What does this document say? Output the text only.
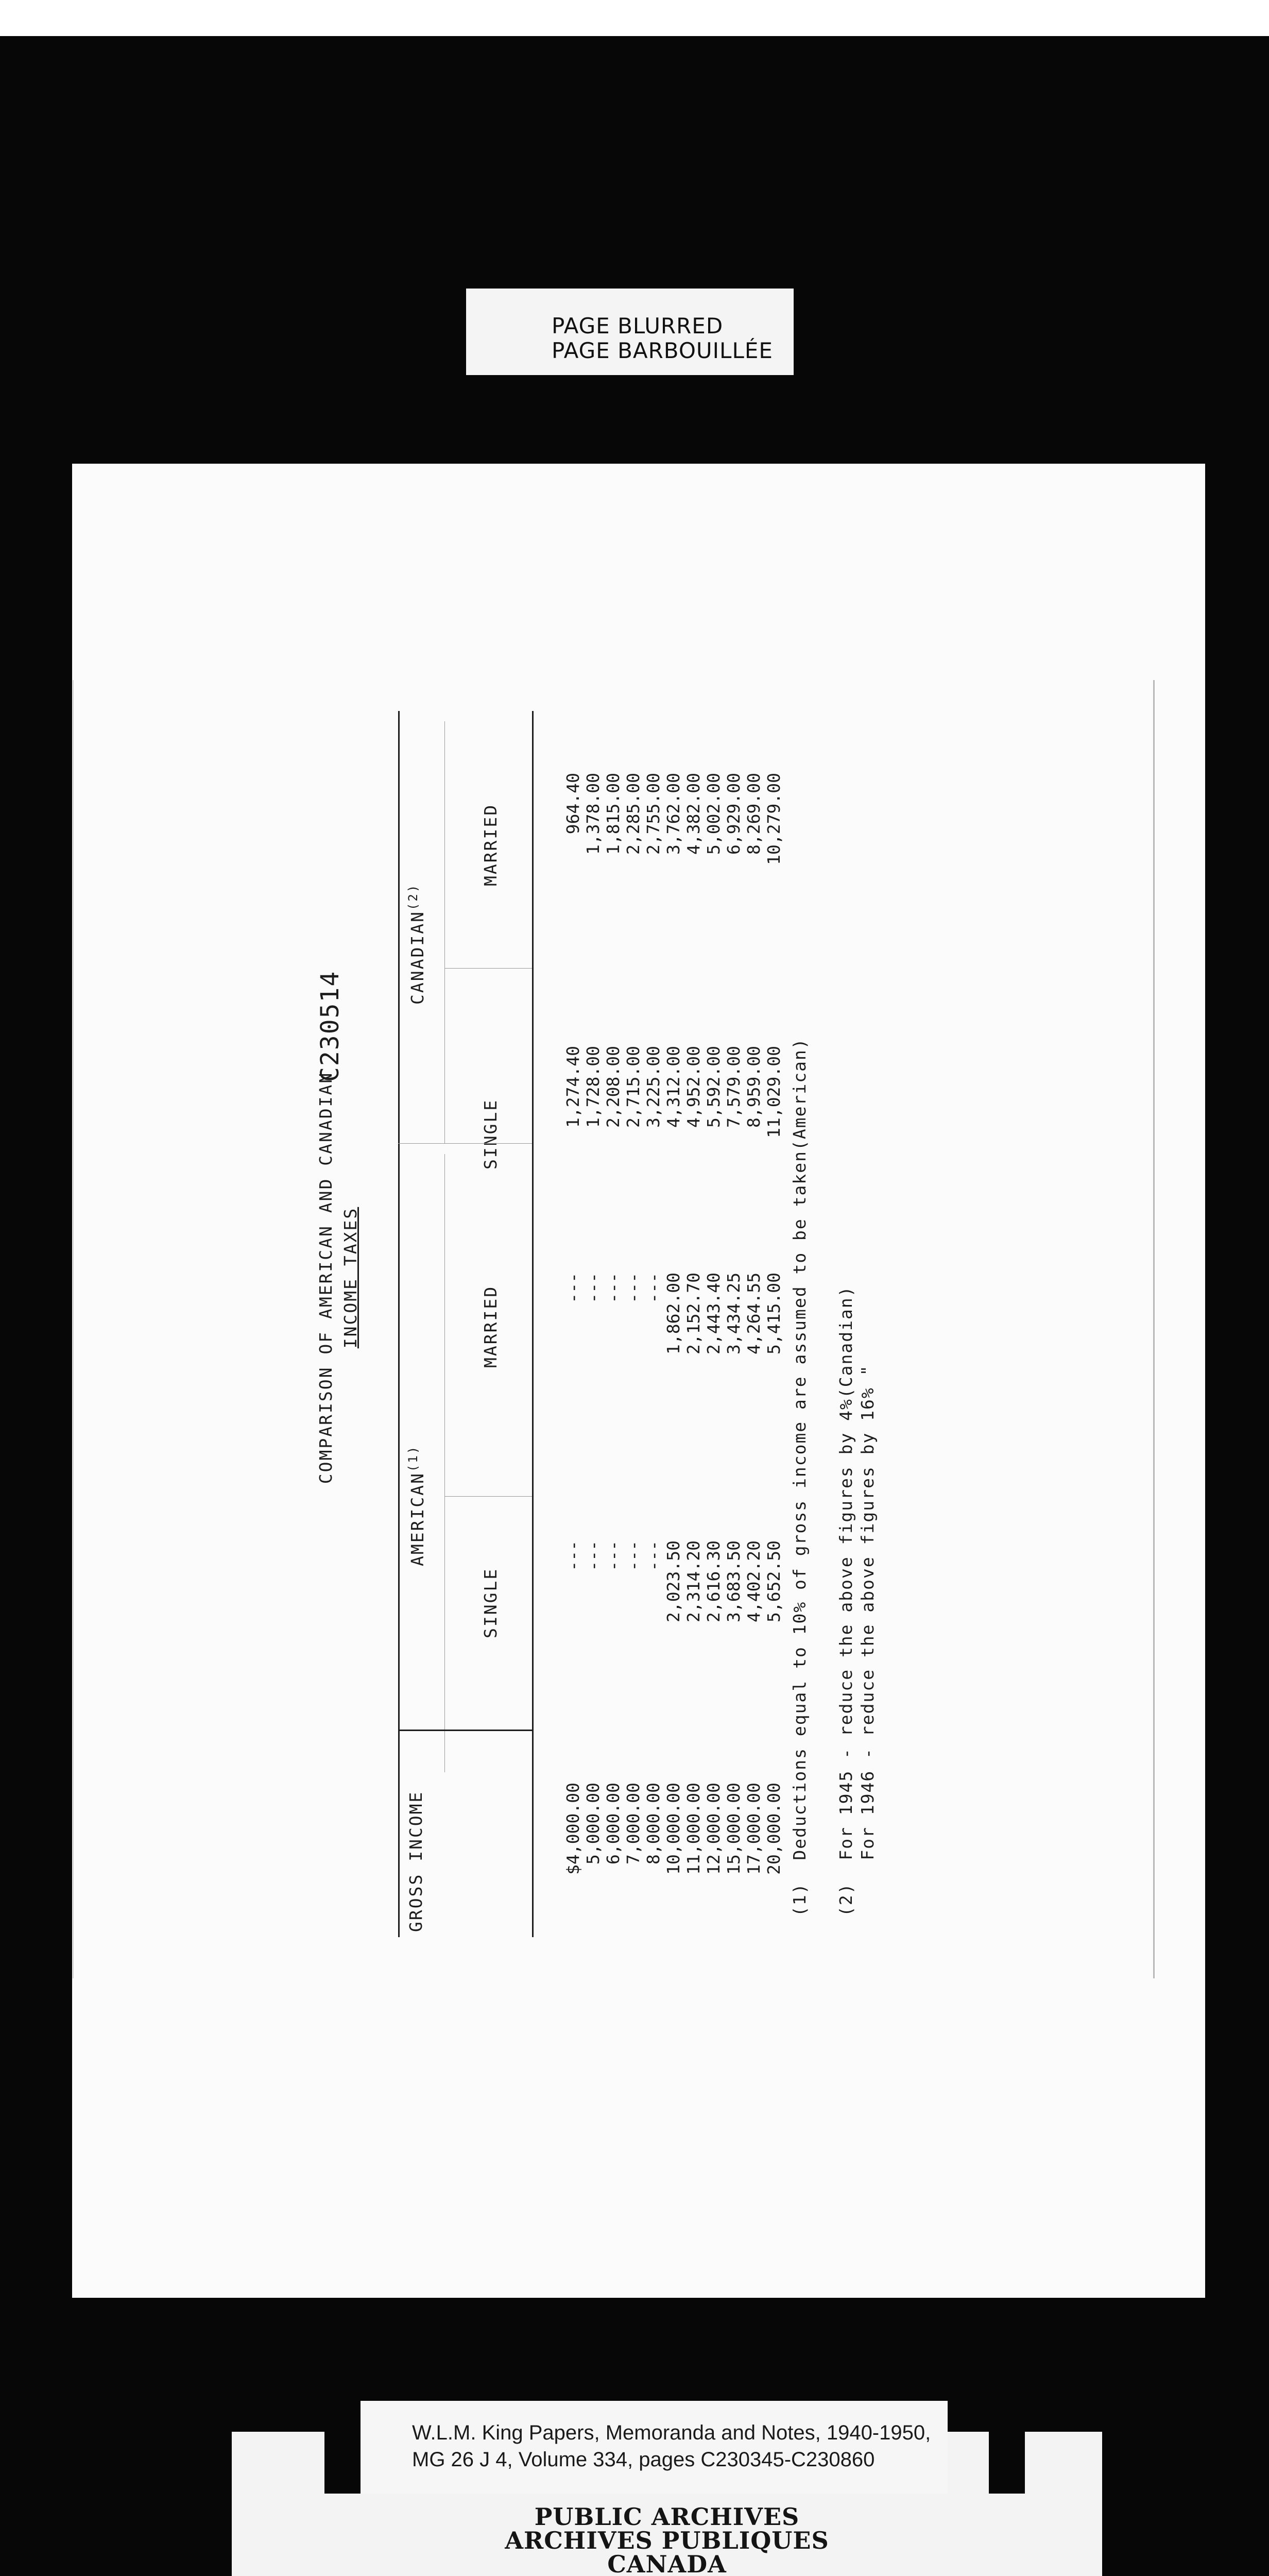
PAGE BLURRED
PAGE BARBOUILLÉE
COMPARISON OF AMERICAN AND CANADIAN INCOME TAXES
C230514
AMERICAN$^{(1)}$
CANADIAN$^{(2)}$
GROSS INCOME
SINGLE
MARRIED
SINGLE
MARRIED
$4,000.00 5,000.00 6,000.00 7,000.00 8,000.00 10,000.00 11,000.00 12,000.00 15,000.00 17,000.00 20,000.00
--- --- --- --- --- 2,023.50 2,314.20 2,616.30 3,683.50 4,402.20 5,652.50
--- --- --- --- --- 1,862.00 2,152.70 2,443.40 3,434.25 4,264.55 5,415.00
1,274.40 1,728.00 2,208.00 2,715.00 3,225.00 4,312.00 4,952.00 5,592.00 7,579.00 8,959.00 11,029.00
964.40 1,378.00 1,815.00 2,285.00 2,755.00 3,762.00 4,382.00 5,002.00 6,929.00 8,269.00 10,279.00
(1)  Deductions equal to 10% of gross income are assumed to be taken(American) (2)  For 1945 - reduce the above figures by 4%(Canadian) For 1946 - reduce the above figures by 16% "
PUBLIC ARCHIVES
ARCHIVES PUBLIQUES
CANADA
W.L.M. King Papers, Memoranda and Notes, 1940-1950,
MG 26 J 4, Volume 334, pages C230345-C230860
